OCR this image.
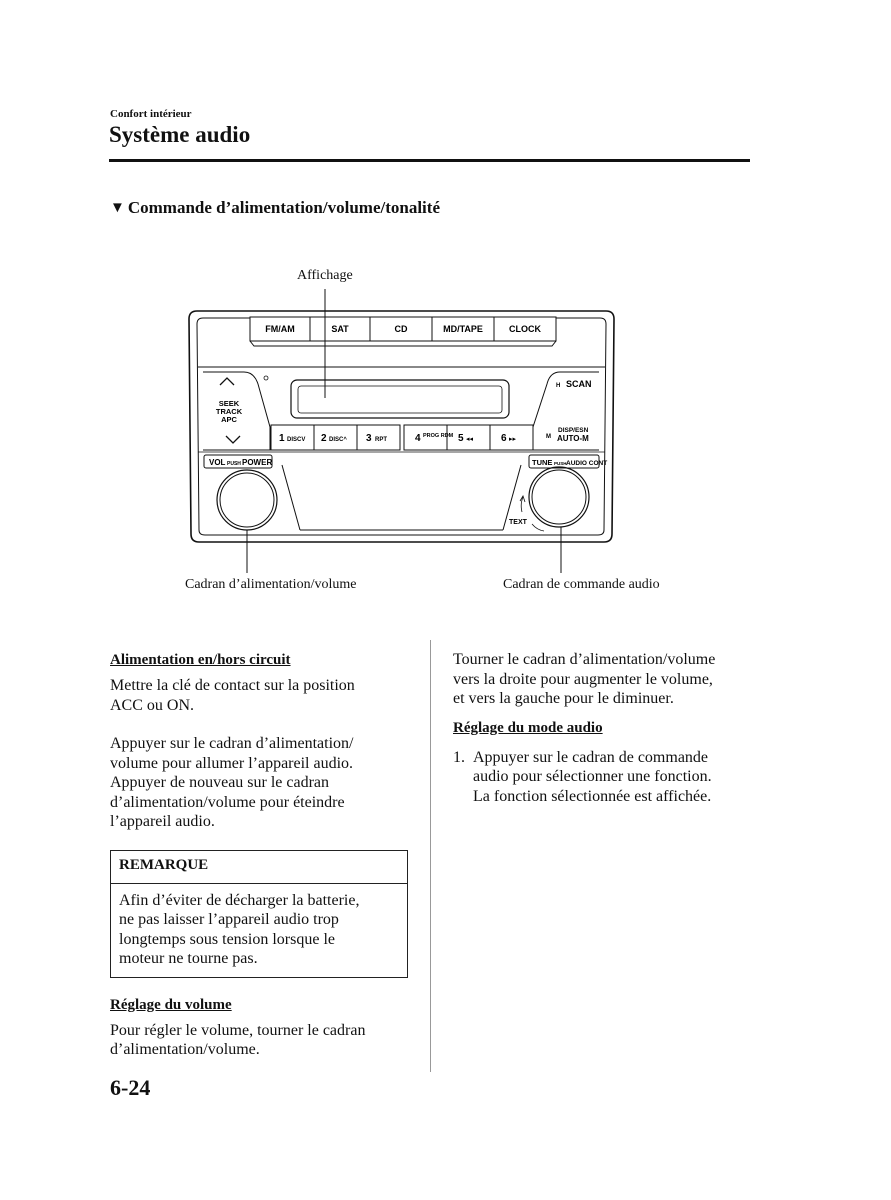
Confort intérieur
Système audio
▼ Commande d’alimentation/volume/tonalité
FM/AM	SAT	CD	MD/TAPE	CLOCK
SEEK
TRACK
APC
H SCAN
M
DISP/ESN
AUTO-M
1 DISCV 2 DISC^ 3 RPT	4 PROG RDM 5 ◂◂	6 ▸▸
VOL PUSH POWER	TUNE PUSH AUDIO CONT
TEXT
Affichage
Cadran d’alimentation/volume	Cadran de commande audio
Alimentation en/hors circuit
Mettre la clé de contact sur la position
ACC ou ON.
Appuyer sur le cadran d’alimentation/
volume pour allumer l’appareil audio.
Appuyer de nouveau sur le cadran
d’alimentation/volume pour éteindre
l’appareil audio.
REMARQUE
Afin d’éviter de décharger la batterie,
ne pas laisser l’appareil audio trop
longtemps sous tension lorsque le
moteur ne tourne pas.
Réglage du volume
Pour régler le volume, tourner le cadran
d’alimentation/volume.
Tourner le cadran d’alimentation/volume
vers la droite pour augmenter le volume,
et vers la gauche pour le diminuer.
Réglage du mode audio
1. Appuyer sur le cadran de commande
audio pour sélectionner une fonction.
La fonction sélectionnée est affichée.
6-24
